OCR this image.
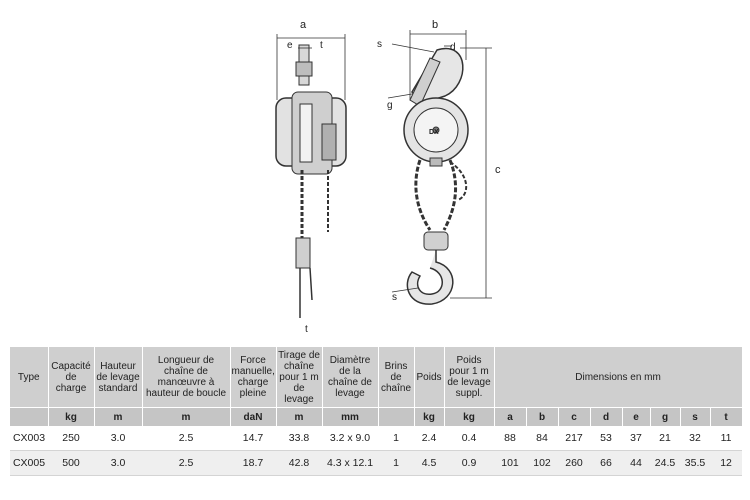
a
e	t
t
b
s	d
g
c
s
DX
Type	Capacité de charge	Hauteur de levage standard	Longueur de chaîne de manœuvre à hauteur de boucle	Force manuelle, charge pleine	Tirage de chaîne pour 1 m de levage	Diamètre de la chaîne de levage	Brins de chaîne	Poids	Poids pour 1 m de levage suppl.	Dimensions en mm							
	kg	m	m	daN	m	mm		kg	kg	a	b	c	d	e	g	s	t
CX003	250	3.0	2.5	14.7	33.8	3.2 x 9.0	1	2.4	0.4	88	84	217	53	37	21	32	11
CX005	500	3.0	2.5	18.7	42.8	4.3 x 12.1	1	4.5	0.9	101	102	260	66	44	24.5	35.5	12
